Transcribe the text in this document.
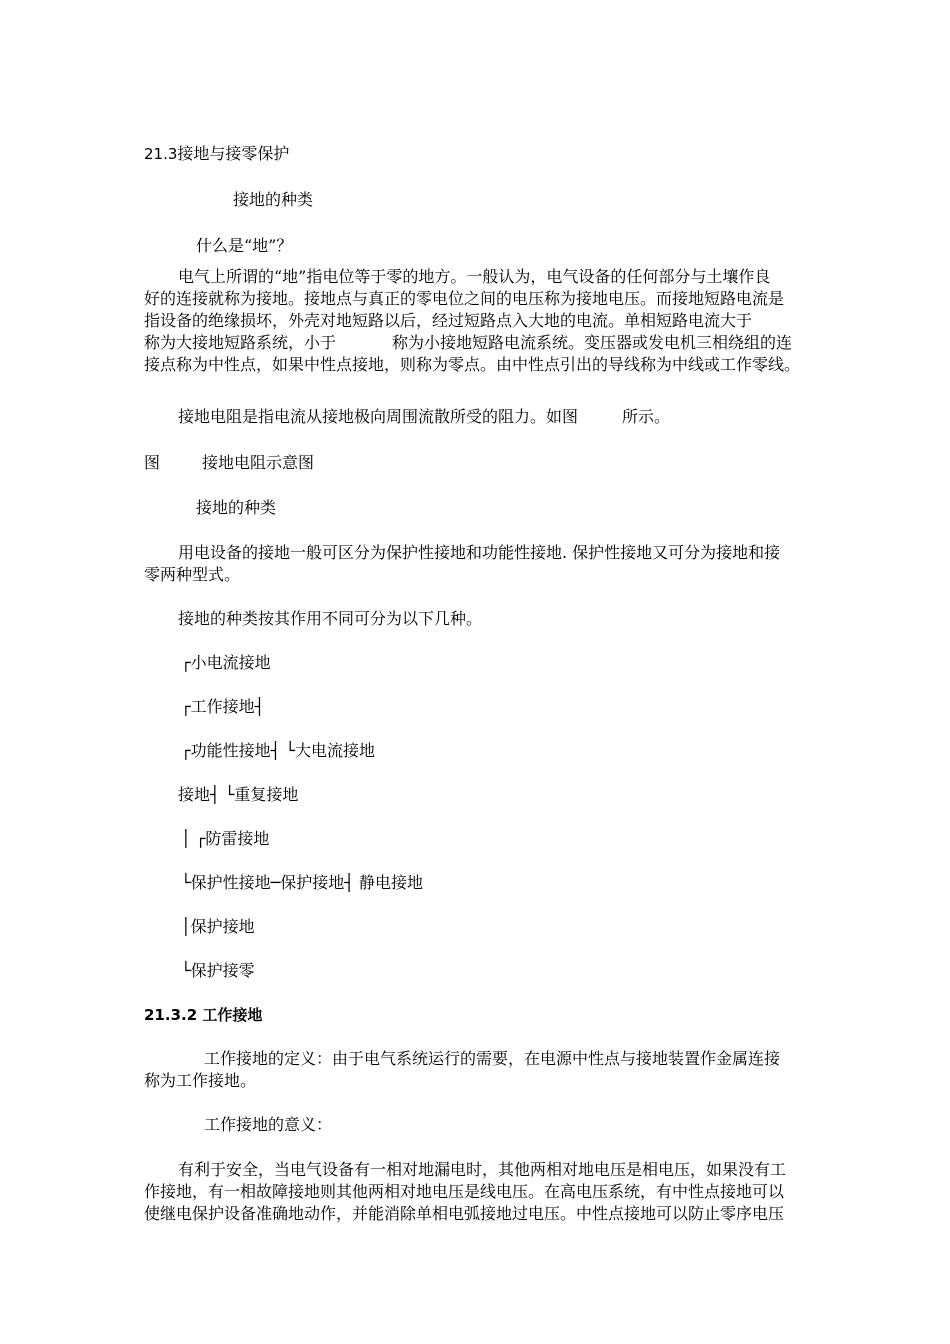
21.3接地与接零保护
接地的种类
什么是“地”？
电气上所谓的“地”指电位等于零的地方。一般认为，电气设备的任何部分与土壤作良
好的连接就称为接地。接地点与真正的零电位之间的电压称为接地电压。而接地短路电流是
指设备的绝缘损坏，外壳对地短路以后，经过短路点入大地的电流。单相短路电流大于
称为大接地短路系统，小于	称为小接地短路电流系统。变压器或发电机三相绕组的连
接点称为中性点，如果中性点接地，则称为零点。由中性点引出的导线称为中线或工作零线。
接地电阻是指电流从接地极向周围流散所受的阻力。如图	所示。
图	接地电阻示意图
接地的种类
用电设备的接地一般可区分为保护性接地和功能性接地. 保护性接地又可分为接地和接
零两种型式。
接地的种类按其作用不同可分为以下几种。
┌小电流接地
┌工作接地┤
┌功能性接地┤ └大电流接地
接地┤ └重复接地
│ ┌防雷接地
└保护性接地─保护接地┤ 静电接地
│保护接地
└保护接零
21.3.2 工作接地
工作接地的定义：由于电气系统运行的需要，在电源中性点与接地装置作金属连接
称为工作接地。
工作接地的意义：
有利于安全，当电气设备有一相对地漏电时，其他两相对地电压是相电压，如果没有工
作接地，有一相故障接地则其他两相对地电压是线电压。在高电压系统，有中性点接地可以
使继电保护设备准确地动作，并能消除单相电弧接地过电压。中性点接地可以防止零序电压
